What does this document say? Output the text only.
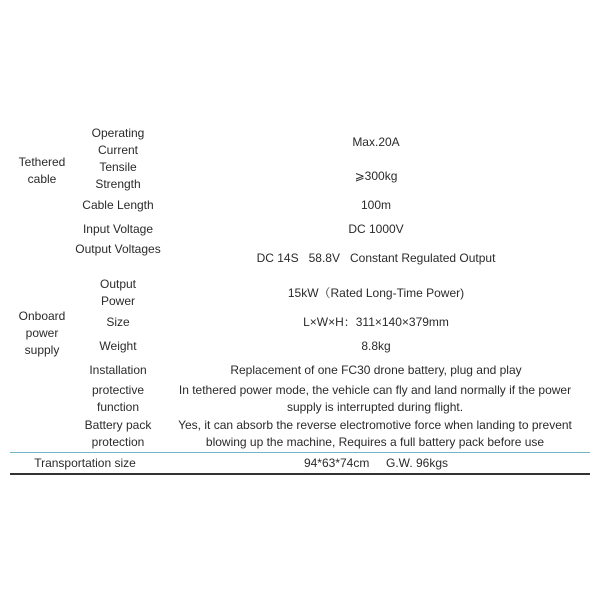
Tethered cable
Onboard power supply
Operating Current
Tensile Strength
Cable Length
Input Voltage
Output Voltages
Output Power
Size
Weight
Installation
protective function
Battery pack protection
Max.20A
⩾300kg
100m
DC 1000V
DC 14S   58.8V   Constant Regulated Output
15kW（Rated Long-Time Power)
L×W×H：311×140×379mm
8.8kg
Replacement of one FC30 drone battery, plug and play
In tethered power mode, the vehicle can fly and land normally if the power supply is interrupted during flight.
Yes, it can absorb the reverse electromotive force when landing to prevent blowing up the machine, Requires a full battery pack before use
Transportation size	94*63*74cm     G.W. 96kgs
